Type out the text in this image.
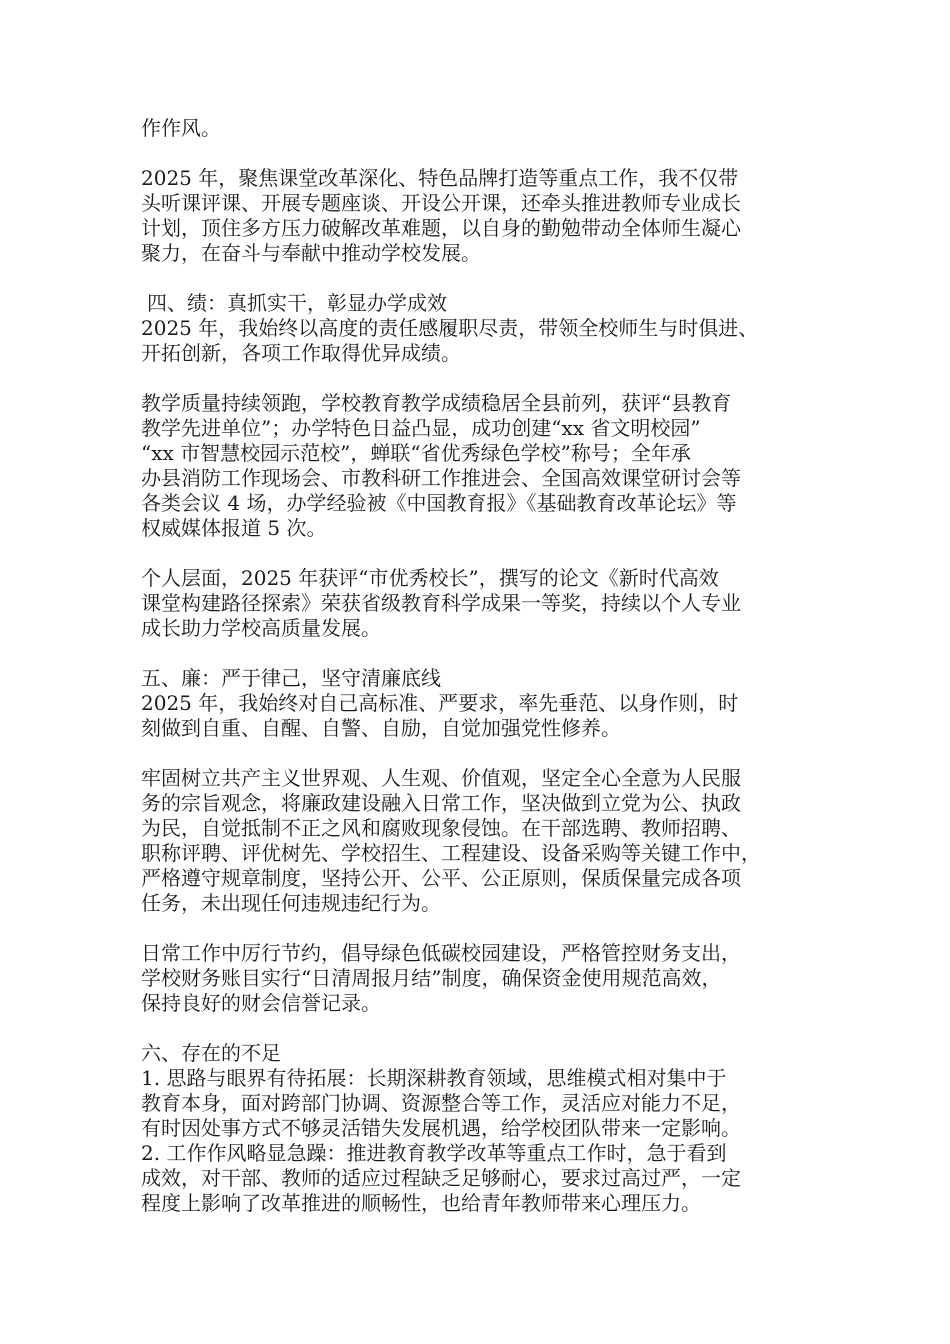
作作风。
2025 年，聚焦课堂改革深化、特色品牌打造等重点工作，我不仅带
头听课评课、开展专题座谈、开设公开课，还牵头推进教师专业成长
计划，顶住多方压力破解改革难题，以自身的勤勉带动全体师生凝心
聚力，在奋斗与奉献中推动学校发展。
四、绩：真抓实干，彰显办学成效
2025 年，我始终以高度的责任感履职尽责，带领全校师生与时俱进、
开拓创新，各项工作取得优异成绩。
教学质量持续领跑，学校教育教学成绩稳居全县前列，获评“县教育
教学先进单位”；办学特色日益凸显，成功创建“xx 省文明校园”
“xx 市智慧校园示范校”，蝉联“省优秀绿色学校”称号；全年承
办县消防工作现场会、市教科研工作推进会、全国高效课堂研讨会等
各类会议 4 场，办学经验被《中国教育报》《基础教育改革论坛》等
权威媒体报道 5 次。
个人层面，2025 年获评“市优秀校长”，撰写的论文《新时代高效
课堂构建路径探索》荣获省级教育科学成果一等奖，持续以个人专业
成长助力学校高质量发展。
五、廉：严于律己，坚守清廉底线
2025 年，我始终对自己高标准、严要求，率先垂范、以身作则，时
刻做到自重、自醒、自警、自励，自觉加强党性修养。
牢固树立共产主义世界观、人生观、价值观，坚定全心全意为人民服
务的宗旨观念，将廉政建设融入日常工作，坚决做到立党为公、执政
为民，自觉抵制不正之风和腐败现象侵蚀。在干部选聘、教师招聘、
职称评聘、评优树先、学校招生、工程建设、设备采购等关键工作中，
严格遵守规章制度，坚持公开、公平、公正原则，保质保量完成各项
任务，未出现任何违规违纪行为。
日常工作中厉行节约，倡导绿色低碳校园建设，严格管控财务支出，
学校财务账目实行“日清周报月结”制度，确保资金使用规范高效，
保持良好的财会信誉记录。
六、存在的不足
1. 思路与眼界有待拓展：长期深耕教育领域，思维模式相对集中于
教育本身，面对跨部门协调、资源整合等工作，灵活应对能力不足，
有时因处事方式不够灵活错失发展机遇，给学校团队带来一定影响。
2. 工作作风略显急躁：推进教育教学改革等重点工作时，急于看到
成效，对干部、教师的适应过程缺乏足够耐心，要求过高过严，一定
程度上影响了改革推进的顺畅性，也给青年教师带来心理压力。
